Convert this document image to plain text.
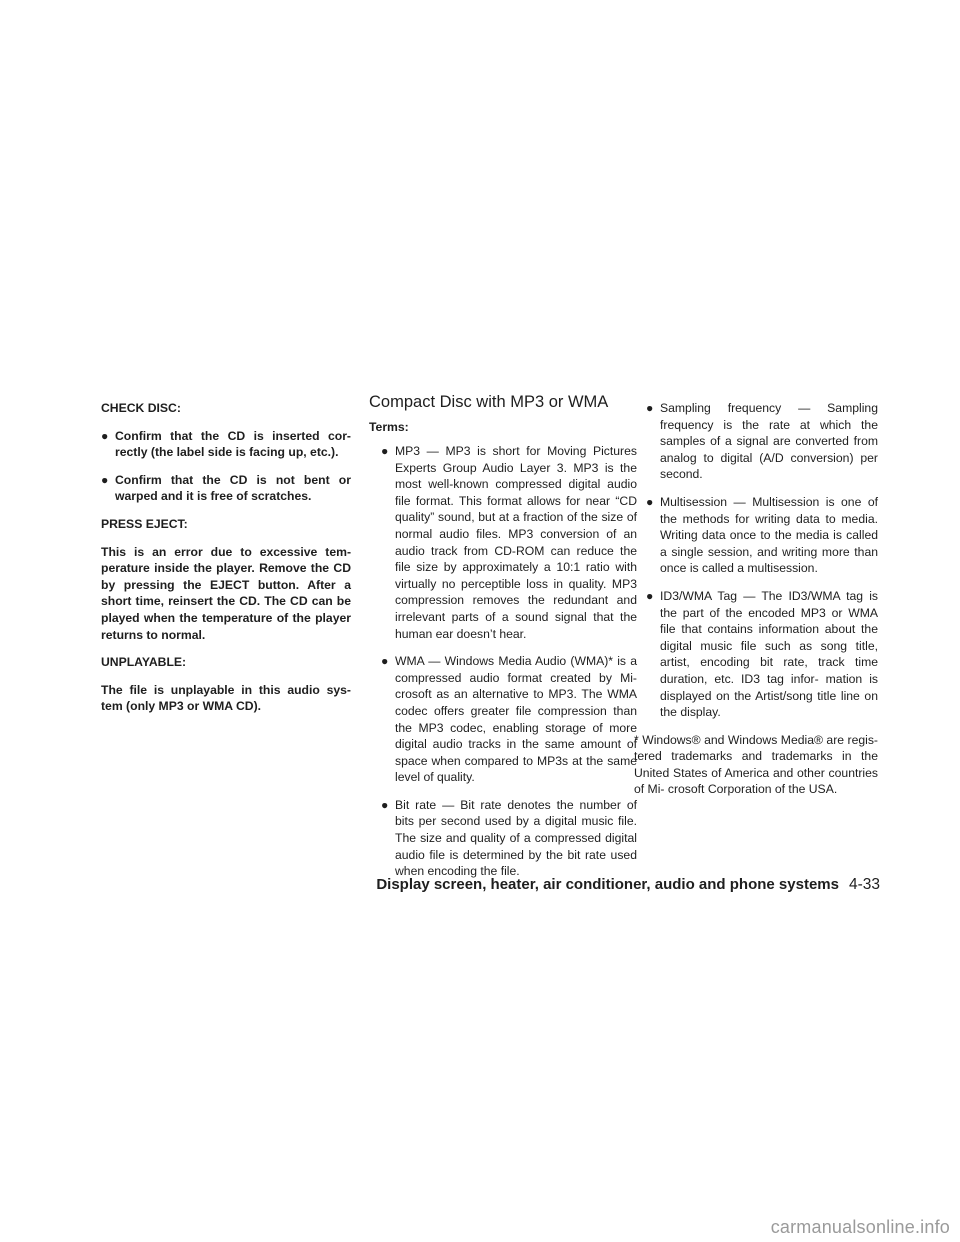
CHECK DISC:

● Confirm that the CD is inserted cor- rectly (the label side is facing up, etc.).
● Confirm that the CD is not bent or warped and it is free of scratches.

PRESS EJECT:

This is an error due to excessive tem- perature inside the player. Remove the CD by pressing the EJECT button. After a short time, reinsert the CD. The CD can be played when the temperature of the player returns to normal.

UNPLAYABLE:

The file is unplayable in this audio sys- tem (only MP3 or WMA CD).

Compact Disc with MP3 or WMA

Terms:

● MP3 — MP3 is short for Moving Pictures Experts Group Audio Layer 3. MP3 is the most well-known compressed digital audio file format. This format allows for near “CD quality” sound, but at a fraction of the size of normal audio files. MP3 conversion of an audio track from CD-ROM can reduce the file size by approximately a 10:1 ratio with virtually no perceptible loss in quality. MP3 compression removes the redundant and irrelevant parts of a sound signal that the human ear doesn’t hear.
● WMA — Windows Media Audio (WMA)* is a compressed audio format created by Mi- crosoft as an alternative to MP3. The WMA codec offers greater file compression than the MP3 codec, enabling storage of more digital audio tracks in the same amount of space when compared to MP3s at the same level of quality.
● Bit rate — Bit rate denotes the number of bits per second used by a digital music file. The size and quality of a compressed digital audio file is determined by the bit rate used when encoding the file.
● Sampling frequency — Sampling frequency is the rate at which the samples of a signal are converted from analog to digital (A/D conversion) per second.
● Multisession — Multisession is one of the methods for writing data to media. Writing data once to the media is called a single session, and writing more than once is called a multisession.
● ID3/WMA Tag — The ID3/WMA tag is the part of the encoded MP3 or WMA file that contains information about the digital music file such as song title, artist, encoding bit rate, track time duration, etc. ID3 tag infor- mation is displayed on the Artist/song title line on the display.

* Windows® and Windows Media® are regis- tered trademarks and trademarks in the United States of America and other countries of Mi- crosoft Corporation of the USA.

Display screen, heater, air conditioner, audio and phone systems 4-33
carmanualsonline.info
